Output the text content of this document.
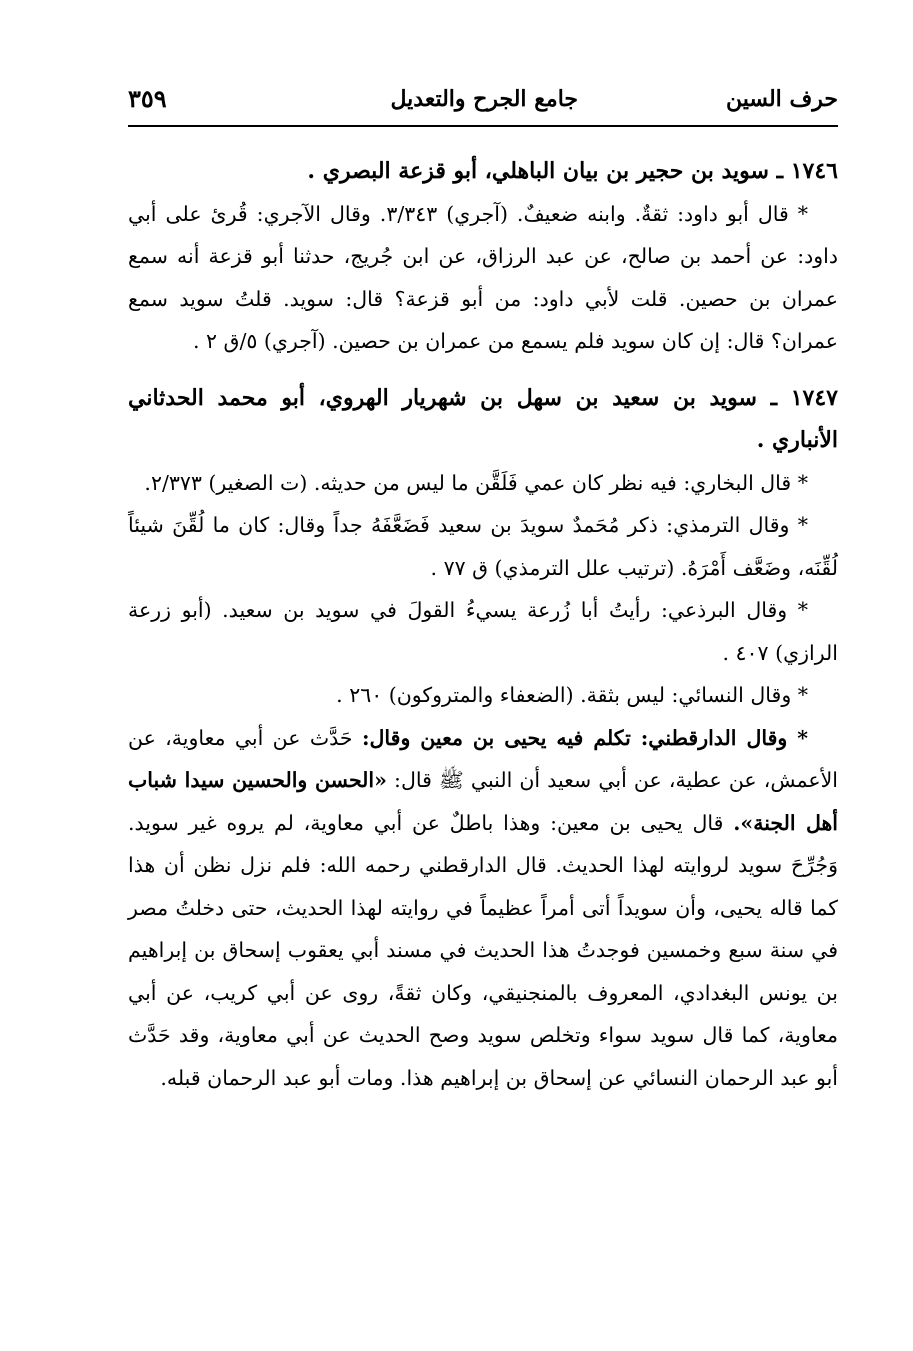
حرف السين
جامع الجرح والتعديل
٣٥٩

١٧٤٦ ـ سويد بن حجير بن بيان الباهلي، أبو قزعة البصري .

* قال أبو داود: ثقةٌ. وابنه ضعيفٌ. (آجري) ٣/٣٤٣. وقال الآجري: قُرئ على أبي داود: عن أحمد بن صالح، عن عبد الرزاق، عن ابن جُريج، حدثنا أبو قزعة أنه سمع عمران بن حصين. قلت لأبي داود: من أبو قزعة؟ قال: سويد. قلتُ سويد سمع عمران؟ قال: إن كان سويد فلم يسمع من عمران بن حصين. (آجري) ٥/ق ٢ .

١٧٤٧ ـ سويد بن سعيد بن سهل بن شهريار الهروي، أبو محمد الحدثاني الأنباري .

* قال البخاري: فيه نظر كان عمي فَلَقَّن ما ليس من حديثه. (ت الصغير) ٢/٣٧٣.

* وقال الترمذي: ذكر مُحَمدٌ سويدَ بن سعيد فَضَعَّفَهُ جداً وقال: كان ما لُقِّنَ شيئاً لُقِّنَه، وضَعَّف أَمْرَهُ. (ترتيب علل الترمذي) ق ٧٧ .

* وقال البرذعي: رأيتُ أبا زُرعة يسيءُ القولَ في سويد بن سعيد. (أبو زرعة الرازي) ٤٠٧ .

* وقال النسائي: ليس بثقة. (الضعفاء والمتروكون) ٢٦٠ .

* وقال الدارقطني: تكلم فيه يحيى بن معين وقال: حَدَّث عن أبي معاوية، عن الأعمش، عن عطية، عن أبي سعيد أن النبي ﷺ قال: «الحسن والحسين سيدا شباب أهل الجنة». قال يحيى بن معين: وهذا باطلٌ عن أبي معاوية، لم يروه غير سويد. وَجُرِّحَ سويد لروايته لهذا الحديث. قال الدارقطني رحمه الله: فلم نزل نظن أن هذا كما قاله يحيى، وأن سويداً أتى أمراً عظيماً في روايته لهذا الحديث، حتى دخلتُ مصر في سنة سبع وخمسين فوجدتُ هذا الحديث في مسند أبي يعقوب إسحاق بن إبراهيم بن يونس البغدادي، المعروف بالمنجنيقي، وكان ثقةً، روى عن أبي كريب، عن أبي معاوية، كما قال سويد سواء وتخلص سويد وصح الحديث عن أبي معاوية، وقد حَدَّث أبو عبد الرحمان النسائي عن إسحاق بن إبراهيم هذا. ومات أبو عبد الرحمان قبله.
